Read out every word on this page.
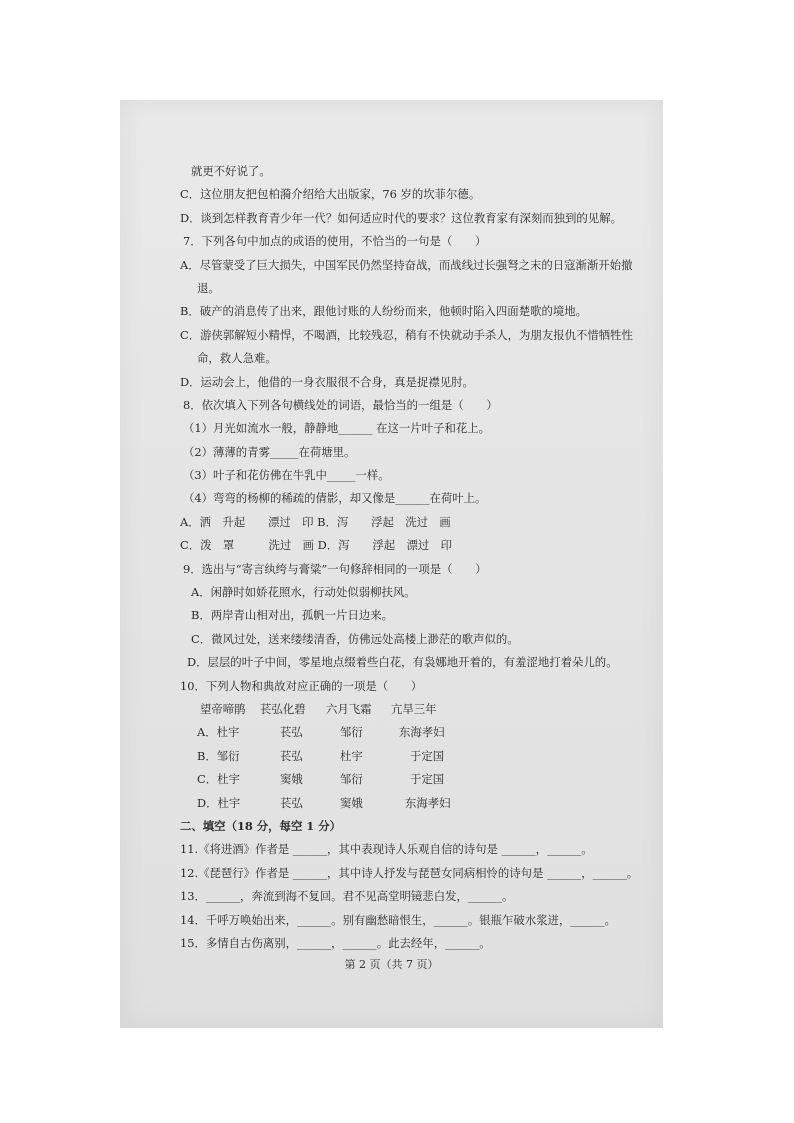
就更不好说了。
C．这位朋友把包柏漪介绍给大出版家，76 岁的坎菲尔德。
D．谈到怎样教育青少年一代？如何适应时代的要求？这位教育家有深刻而独到的见解。
7．下列各句中加点的成语的使用，不恰当的一句是（　　）
A．尽管蒙受了巨大损失，中国军民仍然坚持奋战，而战线过长强弩之末的日寇渐渐开始撤
退。
B．破产的消息传了出来，跟他讨账的人纷纷而来，他顿时陷入四面楚歌的境地。
C．游侠郭解短小精悍，不喝酒，比较残忍，稍有不快就动手杀人，为朋友报仇不惜牺牲性
命，救人急难。
D．运动会上，他借的一身衣服很不合身，真是捉襟见肘。
8．依次填入下列各句横线处的词语，最恰当的一组是（　　）
（1）月光如流水一般，静静地______ 在这一片叶子和花上。
（2）薄薄的青雾_____在荷塘里。
（3）叶子和花仿佛在牛乳中_____一样。
（4）弯弯的杨柳的稀疏的倩影，却又像是______在荷叶上。
A．洒　升起　　漂过　印 B．泻　　浮起　洗过　画
C．泼　罩　　　洗过　画 D．泻　　浮起　漂过　印
9．选出与“寄言纨绔与膏粱”一句修辞相同的一项是（　　）
A．闲静时如娇花照水，行动处似弱柳扶风。
B．两岸青山相对出，孤帆一片日边来。
C．微风过处，送来缕缕清香，仿佛远处高楼上渺茫的歌声似的。
D．层层的叶子中间，零星地点缀着些白花，有袅娜地开着的，有羞涩地打着朵儿的。
10．下列人物和典故对应正确的一项是（　　）
望帝啼鹃 苌弘化碧 六月飞霜 亢旱三年
A．杜宇	苌弘	邹衍	东海孝妇
B．邹衍	苌弘	杜宇	于定国
C．杜宇	窦娥	邹衍	于定国
D．杜宇	苌弘	窦娥	东海孝妇
二、填空（18 分，每空 1 分）
11.《将进酒》作者是 ______，其中表现诗人乐观自信的诗句是 ______，______。
12.《琵琶行》作者是 ______，其中诗人抒发与琵琶女同病相怜的诗句是 ______，______。
13．______，奔流到海不复回。君不见高堂明镜悲白发，______。
14．千呼万唤始出来，______。别有幽愁暗恨生，______。银瓶乍破水浆迸，______。
15．多情自古伤离别，______，______。此去经年，______。
第 2 页（共 7 页）
